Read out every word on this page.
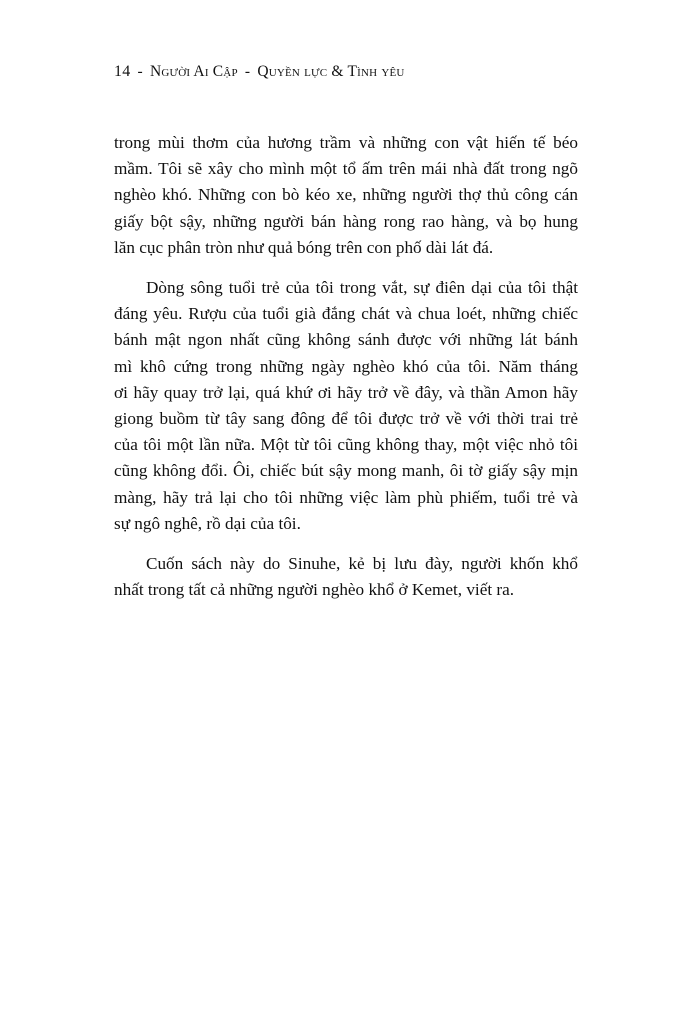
14 - Người Ai Cập - Quyền lực & Tình yêu

trong mùi thơm của hương trầm và những con vật hiến tế béo
mầm. Tôi sẽ xây cho mình một tổ ấm trên mái nhà đất trong ngõ
nghèo khó. Những con bò kéo xe, những người thợ thủ công cán
giấy bột sậy, những người bán hàng rong rao hàng, và bọ hung
lăn cục phân tròn như quả bóng trên con phố dài lát đá.

Dòng sông tuổi trẻ của tôi trong vắt, sự điên dại của tôi thật
đáng yêu. Rượu của tuổi già đắng chát và chua loét, những chiếc
bánh mật ngon nhất cũng không sánh được với những lát bánh
mì khô cứng trong những ngày nghèo khó của tôi. Năm tháng
ơi hãy quay trở lại, quá khứ ơi hãy trở về đây, và thần Amon hãy
giong buồm từ tây sang đông để tôi được trở về với thời trai trẻ
của tôi một lần nữa. Một từ tôi cũng không thay, một việc nhỏ tôi
cũng không đổi. Ôi, chiếc bút sậy mong manh, ôi tờ giấy sậy mịn
màng, hãy trả lại cho tôi những việc làm phù phiếm, tuổi trẻ và
sự ngô nghê, rồ dại của tôi.

Cuốn sách này do Sinuhe, kẻ bị lưu đày, người khốn khổ
nhất trong tất cả những người nghèo khổ ở Kemet, viết ra.
